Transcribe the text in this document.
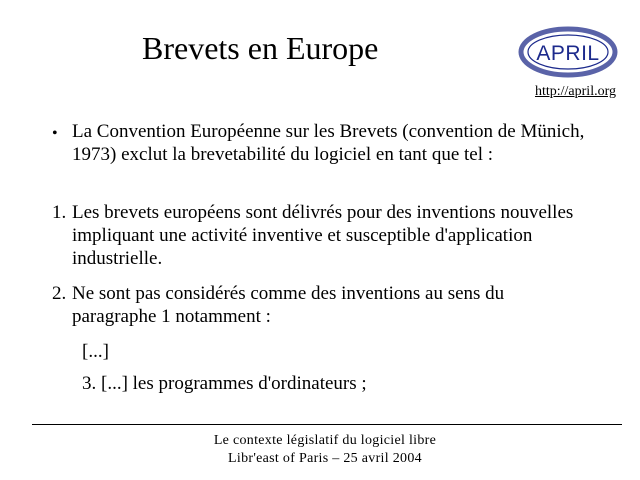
Brevets en Europe	APRIL
http://april.org
• La Convention Européenne sur les Brevets (convention de Münich, 1973) exclut la brevetabilité du logiciel en tant que tel :
1. Les brevets européens sont délivrés pour des inventions nouvelles impliquant une activité inventive et susceptible d'application industrielle.
2. Ne sont pas considérés comme des inventions au sens du paragraphe 1 notamment :
[...]
3. [...] les programmes d'ordinateurs ;
Le contexte législatif du logiciel libre
Libr'east of Paris – 25 avril 2004
